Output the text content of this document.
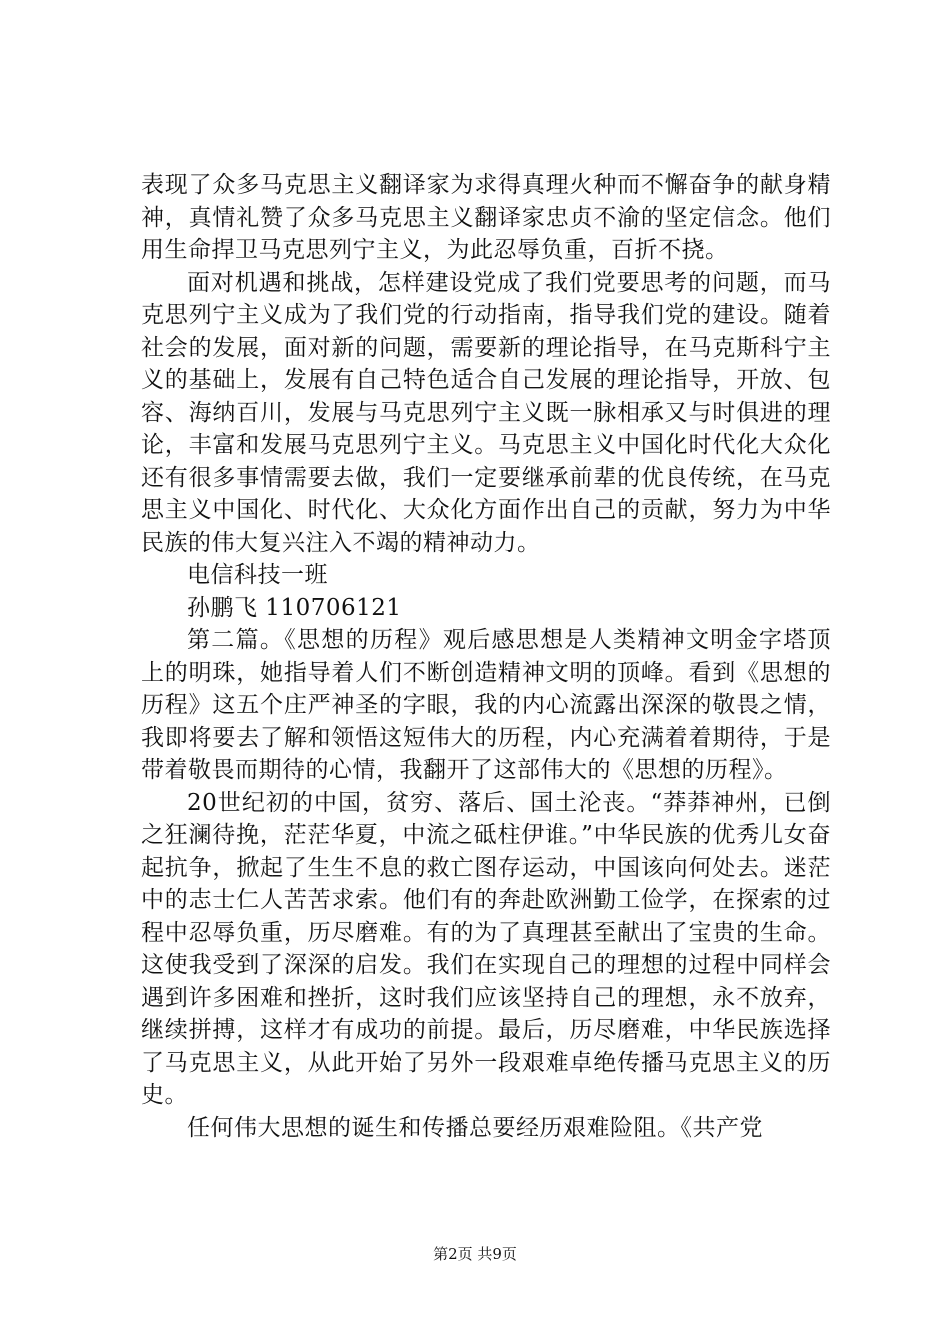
表现了众多马克思主义翻译家为求得真理火种而不懈奋争的献身精神，真情礼赞了众多马克思主义翻译家忠贞不渝的坚定信念。他们用生命捍卫马克思列宁主义，为此忍辱负重，百折不挠。

面对机遇和挑战，怎样建设党成了我们党要思考的问题，而马克思列宁主义成为了我们党的行动指南，指导我们党的建设。随着社会的发展，面对新的问题，需要新的理论指导，在马克斯科宁主义的基础上，发展有自己特色适合自己发展的理论指导，开放、包容、海纳百川，发展与马克思列宁主义既一脉相承又与时俱进的理论，丰富和发展马克思列宁主义。马克思主义中国化时代化大众化还有很多事情需要去做，我们一定要继承前辈的优良传统，在马克思主义中国化、时代化、大众化方面作出自己的贡献，努力为中华民族的伟大复兴注入不竭的精神动力。

电信科技一班

孙鹏飞 110706121

第二篇。《思想的历程》观后感思想是人类精神文明金字塔顶上的明珠，她指导着人们不断创造精神文明的顶峰。看到《思想的历程》这五个庄严神圣的字眼，我的内心流露出深深的敬畏之情，我即将要去了解和领悟这短伟大的历程，内心充满着着期待，于是带着敬畏而期待的心情，我翻开了这部伟大的《思想的历程》。

20世纪初的中国，贫穷、落后、国土沦丧。“莽莽神州，已倒之狂澜待挽，茫茫华夏，中流之砥柱伊谁。”中华民族的优秀儿女奋起抗争，掀起了生生不息的救亡图存运动，中国该向何处去。迷茫中的志士仁人苦苦求索。他们有的奔赴欧洲勤工俭学，在探索的过程中忍辱负重，历尽磨难。有的为了真理甚至献出了宝贵的生命。这使我受到了深深的启发。我们在实现自己的理想的过程中同样会遇到许多困难和挫折，这时我们应该坚持自己的理想，永不放弃，继续拼搏，这样才有成功的前提。最后，历尽磨难，中华民族选择了马克思主义，从此开始了另外一段艰难卓绝传播马克思主义的历史。

任何伟大思想的诞生和传播总要经历艰难险阻。《共产党

第2页 共9页
